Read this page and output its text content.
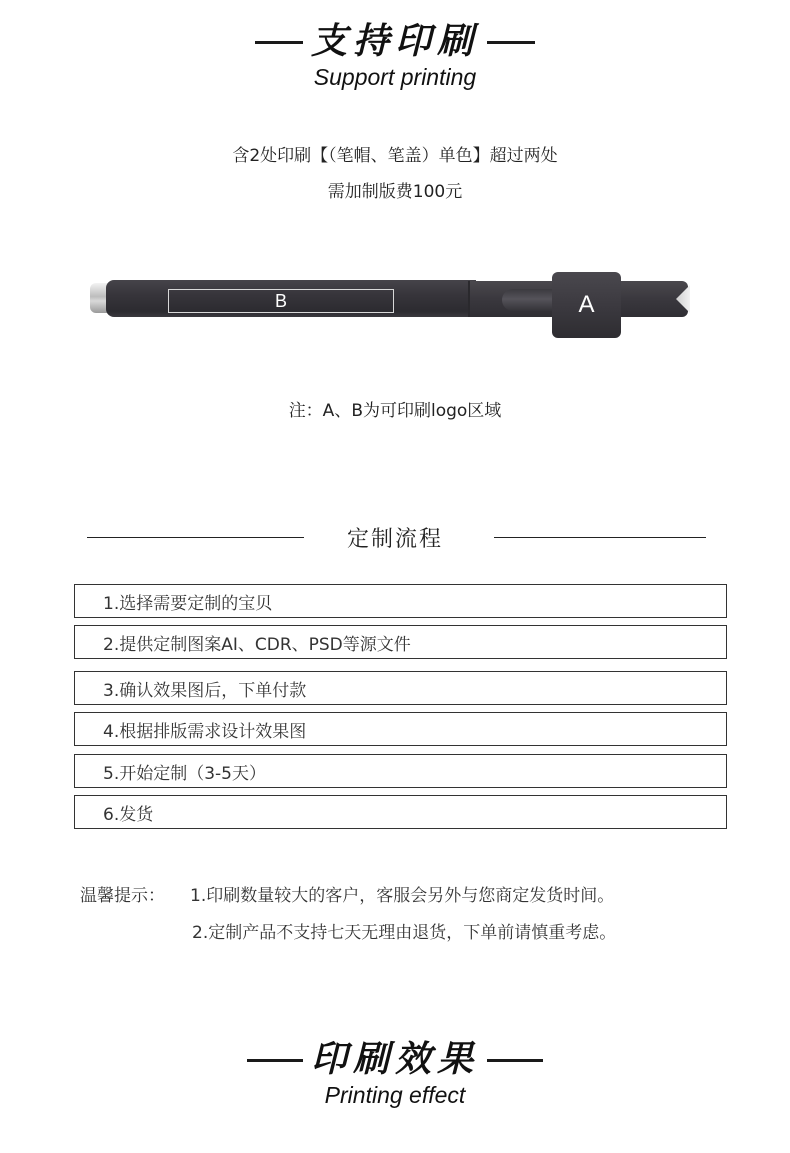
支持印刷
Support printing
含2处印刷【（笔帽、笔盖）单色】超过两处
需加制版费100元
B	A
注：A、B为可印刷logo区域
定制流程
1.选择需要定制的宝贝
2.提供定制图案AI、CDR、PSD等源文件
3.确认效果图后，下单付款
4.根据排版需求设计效果图
5.开始定制（3-5天）
6.发货
温馨提示： 1.印刷数量较大的客户，客服会另外与您商定发货时间。
2.定制产品不支持七天无理由退货，下单前请慎重考虑。
印刷效果
Printing effect
